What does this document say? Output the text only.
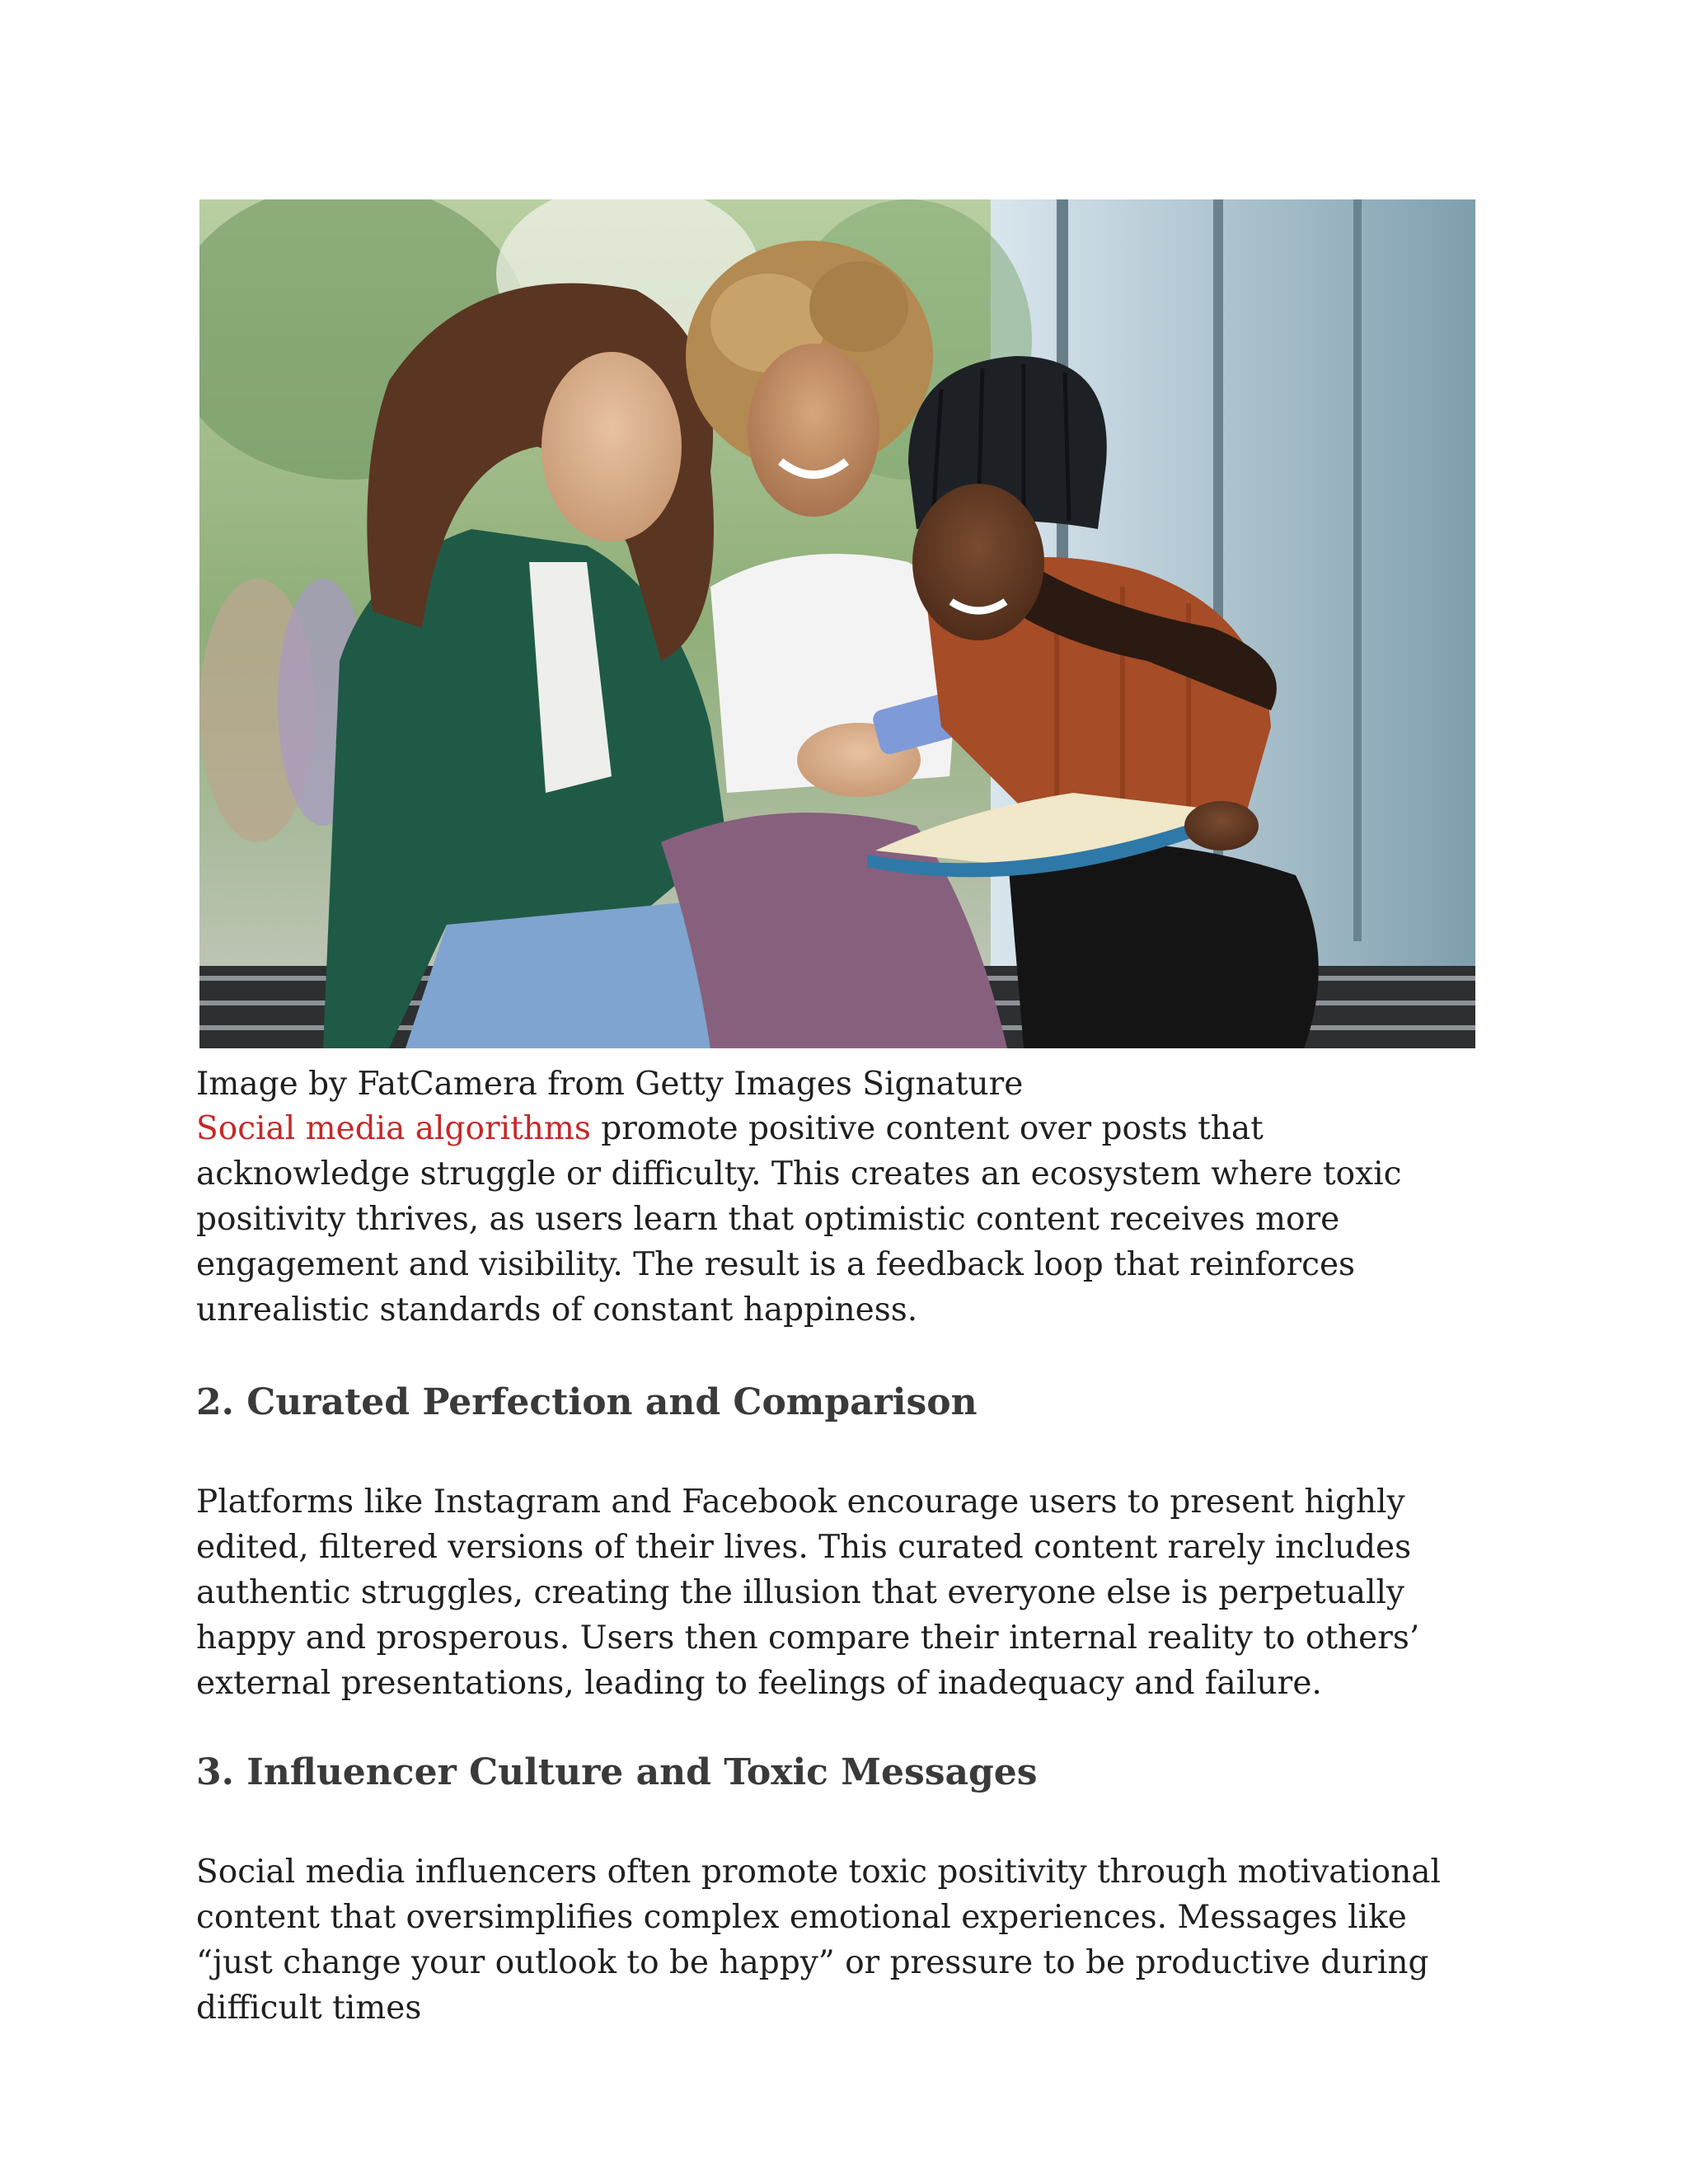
Image by FatCamera from Getty Images Signature

Social media algorithms promote positive content over posts that acknowledge struggle or difficulty. This creates an ecosystem where toxic positivity thrives, as users learn that optimistic content receives more engagement and visibility. The result is a feedback loop that reinforces unrealistic standards of constant happiness.

2. Curated Perfection and Comparison

Platforms like Instagram and Facebook encourage users to present highly edited, filtered versions of their lives. This curated content rarely includes authentic struggles, creating the illusion that everyone else is perpetually happy and prosperous. Users then compare their internal reality to others’ external presentations, leading to feelings of inadequacy and failure.

3. Influencer Culture and Toxic Messages

Social media influencers often promote toxic positivity through motivational content that oversimplifies complex emotional experiences. Messages like “just change your outlook to be happy” or pressure to be productive during difficult times
